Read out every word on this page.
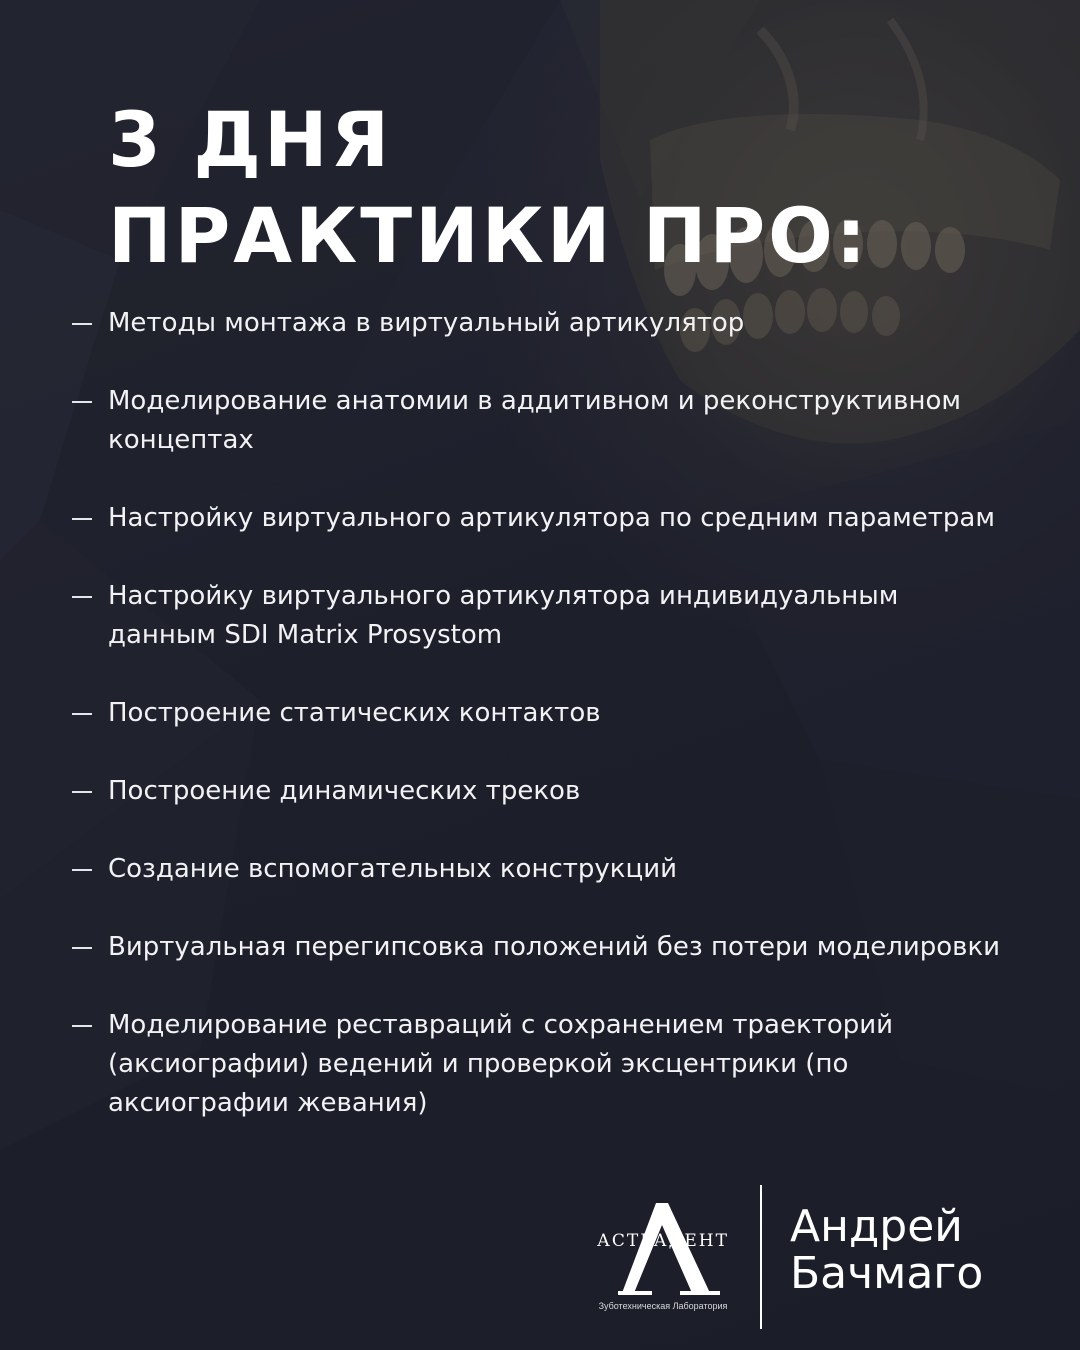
3 ДНЯ
ПРАКТИКИ ПРО:
Методы монтажа в виртуальный артикулятор
Моделирование анатомии в аддитивном и реконструктивном концептах
Настройку виртуального артикулятора по средним параметрам
Настройку виртуального артикулятора индивидуальным данным SDI Matrix Prosystom
Построение статических контактов
Построение динамических треков
Создание вспомогательных конструкций
Виртуальная перегипсовка положений без потери моделировки
Моделирование реставраций с сохранением траекторий (аксиографии) ведений и проверкой эксцентрики (по аксиографии жевания)
АСТРАДЕНТ
Зуботехническая Лаборатория
Андрей
Бачмаго
